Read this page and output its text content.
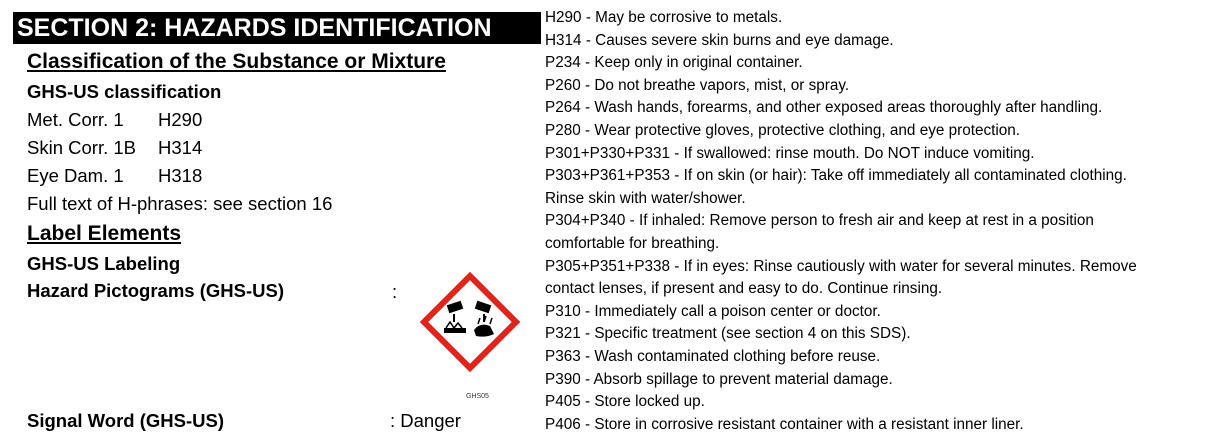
SECTION 2: HAZARDS IDENTIFICATION
Classification of the Substance or Mixture
GHS-US classification
Met. Corr. 1 H290
Skin Corr. 1B H314
Eye Dam. 1 H318
Full text of H-phrases: see section 16
Label Elements
GHS-US Labeling
Hazard Pictograms (GHS-US)	:
GHS05
Signal Word (GHS-US)	: Danger
H290 - May be corrosive to metals.
H314 - Causes severe skin burns and eye damage.
P234 - Keep only in original container.
P260 - Do not breathe vapors, mist, or spray.
P264 - Wash hands, forearms, and other exposed areas thoroughly after handling.
P280 - Wear protective gloves, protective clothing, and eye protection.
P301+P330+P331 - If swallowed: rinse mouth. Do NOT induce vomiting.
P303+P361+P353 - If on skin (or hair): Take off immediately all contaminated clothing.
Rinse skin with water/shower.
P304+P340 - If inhaled: Remove person to fresh air and keep at rest in a position
comfortable for breathing.
P305+P351+P338 - If in eyes: Rinse cautiously with water for several minutes. Remove
contact lenses, if present and easy to do. Continue rinsing.
P310 - Immediately call a poison center or doctor.
P321 - Specific treatment (see section 4 on this SDS).
P363 - Wash contaminated clothing before reuse.
P390 - Absorb spillage to prevent material damage.
P405 - Store locked up.
P406 - Store in corrosive resistant container with a resistant inner liner.
